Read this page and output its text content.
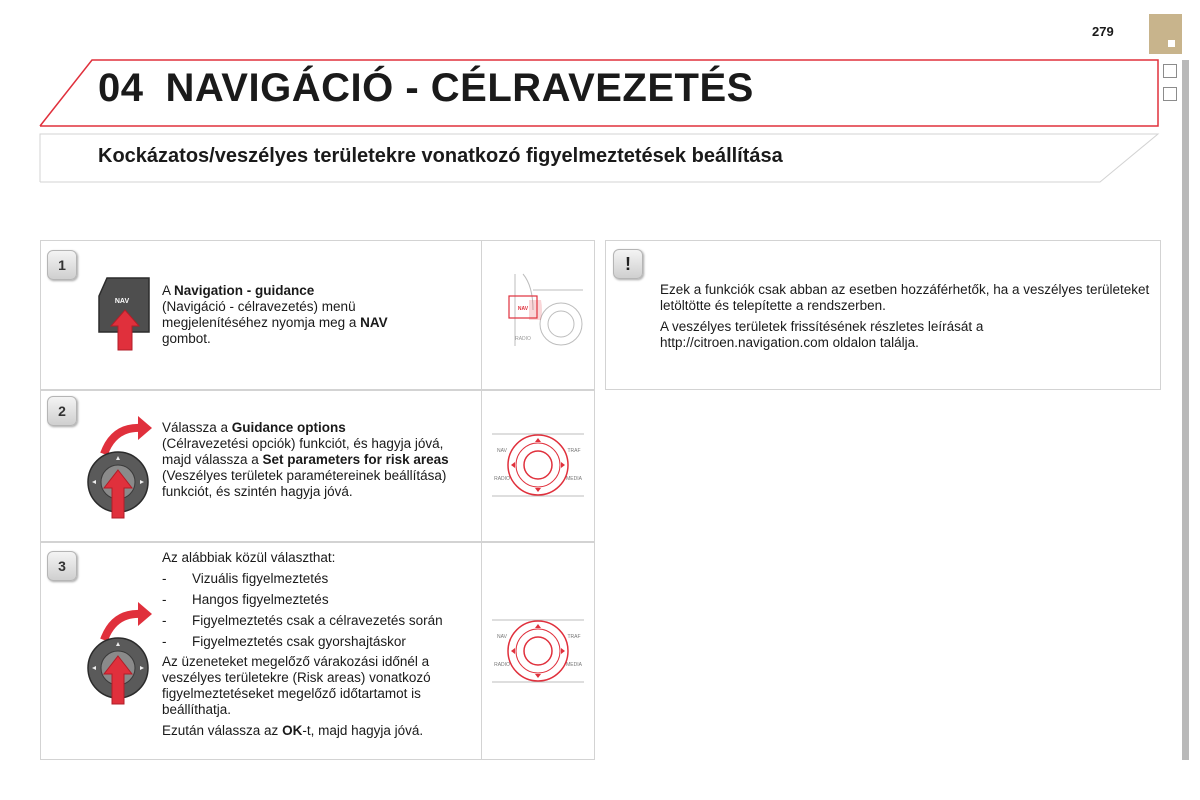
279
04 NAVIGÁCIÓ - CÉLRAVEZETÉS
Kockázatos/veszélyes területekre vonatkozó figyelmeztetések beállítása
1
NAV

A Navigation - guidance

(Navigáció - célravezetés) menü megjelenítéséhez nyomja meg a NAV gombot.

NAV
RADIO
2

Válassza a Guidance options

(Célravezetési opciók) funkciót, és hagyja jóvá, majd válassza a Set parameters for risk areas (Veszélyes területek paramétereinek beállítása) funkciót, és szintén hagyja jóvá.

NAV	TRAF
RADIO	MEDIA
3

Az alábbiak közül választhat:

-	Vizuális figyelmeztetés
-	Hangos figyelmeztetés
-	Figyelmeztetés csak a célravezetés során
-	Figyelmeztetés csak gyorshajtáskor

Az üzeneteket megelőző várakozási időnél a veszélyes területekre (Risk areas) vonatkozó figyelmeztetéseket megelőző időtartamot is beállíthatja.

Ezután válassza az OK-t, majd hagyja jóvá.

NAV	TRAF
RADIO	MEDIA
!

Ezek a funkciók csak abban az esetben hozzáférhetők, ha a veszélyes területeket letöltötte és telepítette a rendszerben.

A veszélyes területek frissítésének részletes leírását a http://citroen.navigation.com oldalon találja.
